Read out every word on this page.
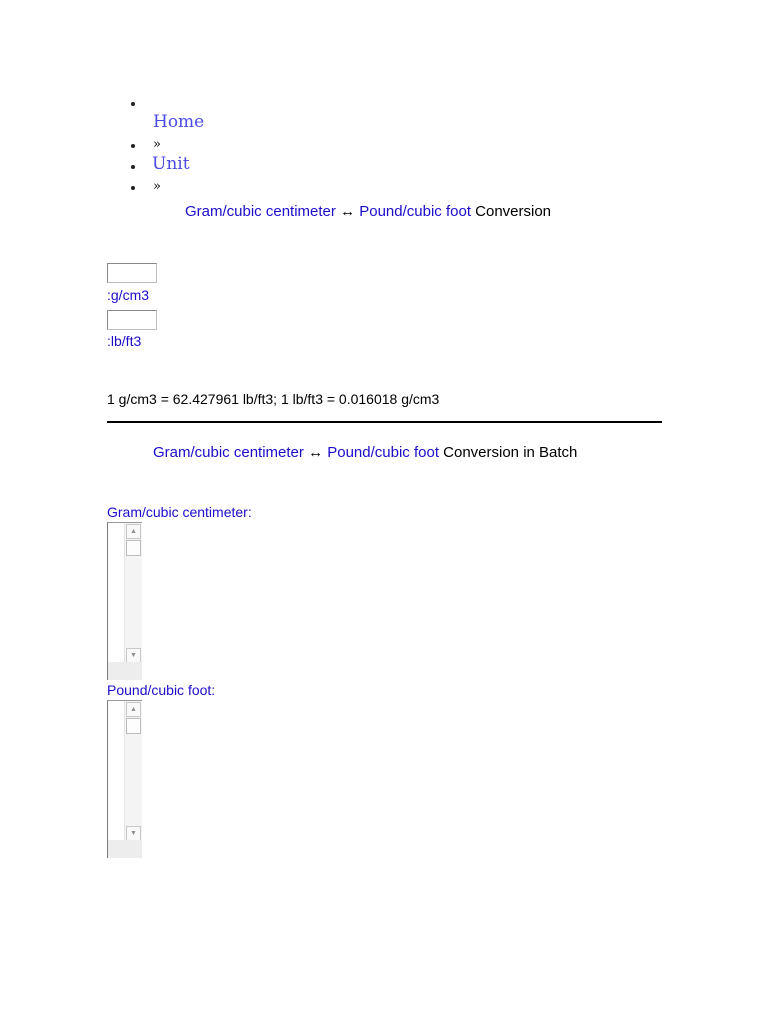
Home
»
Unit
»
Gram/cubic centimeter ↔ Pound/cubic foot Conversion
:g/cm3
:lb/ft3
1 g/cm3 = 62.427961 lb/ft3; 1 lb/ft3 = 0.016018 g/cm3
Gram/cubic centimeter ↔ Pound/cubic foot Conversion in Batch
Gram/cubic centimeter:
▲
▼
Pound/cubic foot:
▲
▼
